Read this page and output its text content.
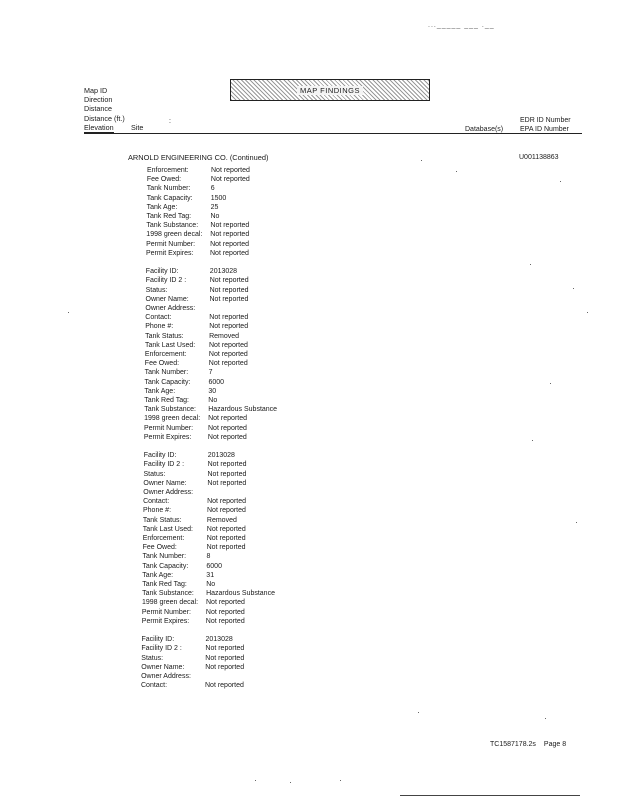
..._____ ___ .__
Map ID
Direction
Distance
Distance (ft.)
Elevation	Site
:
MAP FINDINGS
Database(s)
EDR ID Number
EPA ID Number
ARNOLD ENGINEERING CO. (Continued)	U001138863
Enforcement:	Not reported
Fee Owed:	Not reported
Tank Number:	6
Tank Capacity:	1500
Tank Age:	25
Tank Red Tag:	No
Tank Substance: Not reported
1998 green decal: Not reported
Permit Number: Not reported
Permit Expires: Not reported
Facility ID:	2013028
Facility ID 2 :	Not reported
Status:	Not reported
Owner Name:	Not reported
Owner Address:
Contact:	Not reported
Phone #:	Not reported
Tank Status:	Removed
Tank Last Used: Not reported
Enforcement:	Not reported
Fee Owed:	Not reported
Tank Number:	7
Tank Capacity:	6000
Tank Age:	30
Tank Red Tag:	No
Tank Substance: Hazardous Substance
1998 green decal: Not reported
Permit Number: Not reported
Permit Expires: Not reported
Facility ID:	2013028
Facility ID 2 :	Not reported
Status:	Not reported
Owner Name:	Not reported
Owner Address:
Contact:	Not reported
Phone #:	Not reported
Tank Status:	Removed
Tank Last Used: Not reported
Enforcement:	Not reported
Fee Owed:	Not reported
Tank Number:	8
Tank Capacity:	6000
Tank Age:	31
Tank Red Tag:	No
Tank Substance: Hazardous Substance
1998 green decal: Not reported
Permit Number: Not reported
Permit Expires: Not reported
Facility ID:	2013028
Facility ID 2 :	Not reported
Status:	Not reported
Owner Name:	Not reported
Owner Address:
Contact:	Not reported
TC1587178.2s Page 8
